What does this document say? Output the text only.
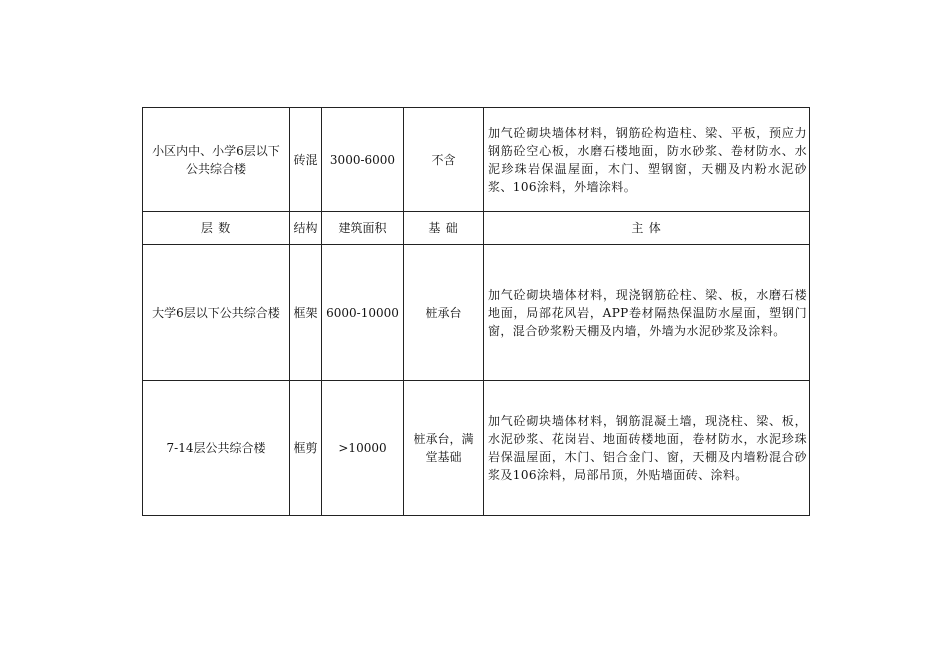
小区内中、小学6层以下公共综合楼	砖混	3000-6000	不含	加气砼砌块墙体材料，钢筋砼构造柱、梁、平板，预应力钢筋砼空心板，水磨石楼地面，防水砂浆、卷材防水、水泥珍珠岩保温屋面，木门、塑钢窗，天棚及内粉水泥砂浆、106涂料，外墙涂料。
层 数	结构	建筑面积	基 础	主 体
大学6层以下公共综合楼	框架	6000-10000	桩承台	加气砼砌块墙体材料，现浇钢筋砼柱、梁、板，水磨石楼地面，局部花风岩，APP卷材隔热保温防水屋面，塑钢门窗，混合砂浆粉天棚及内墙，外墙为水泥砂浆及涂料。
7-14层公共综合楼	框剪	>10000	桩承台，满堂基础	加气砼砌块墙体材料，钢筋混凝土墙，现浇柱、梁、板，水泥砂浆、花岗岩、地面砖楼地面，卷材防水，水泥珍珠岩保温屋面，木门、铝合金门、窗，天棚及内墙粉混合砂浆及106涂料，局部吊顶，外贴墙面砖、涂料。
